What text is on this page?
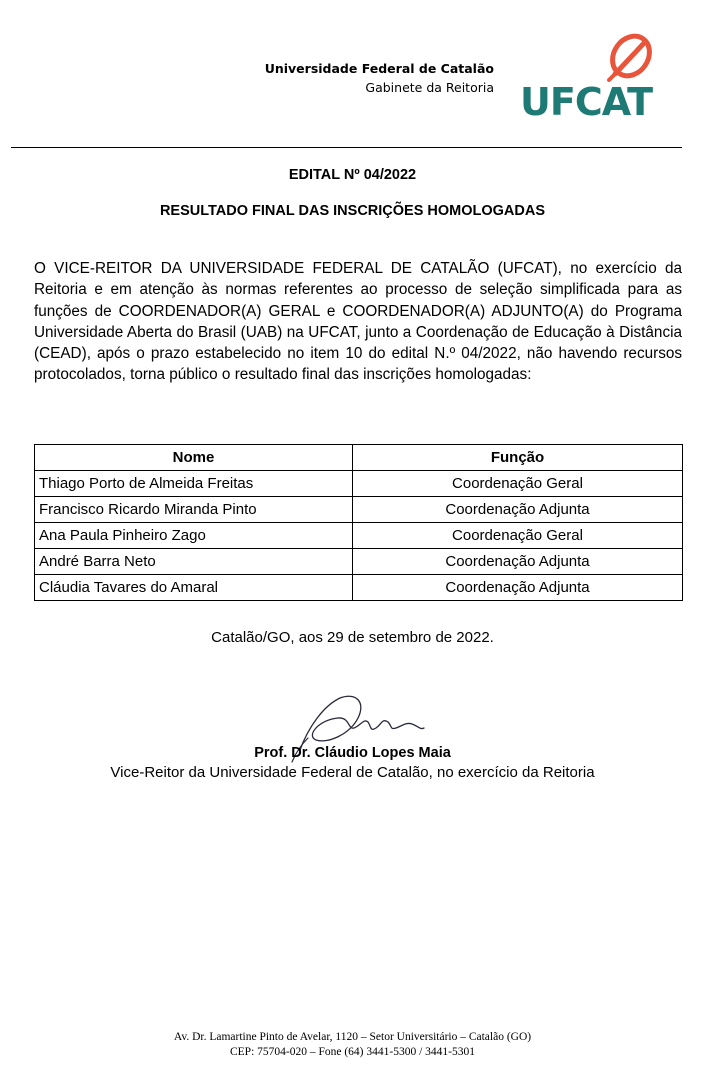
Universidade Federal de Catalão
Gabinete da Reitoria UFCAT
EDITAL Nº 04/2022
RESULTADO FINAL DAS INSCRIÇÕES HOMOLOGADAS

O VICE-REITOR DA UNIVERSIDADE FEDERAL DE CATALÃO (UFCAT), no exercício da Reitoria e em atenção às normas referentes ao processo de seleção simplificada para as funções de COORDENADOR(A) GERAL e COORDENADOR(A) ADJUNTO(A) do Programa Universidade Aberta do Brasil (UAB) na UFCAT, junto a Coordenação de Educação à Distância (CEAD), após o prazo estabelecido no item 10 do edital N.º 04/2022, não havendo recursos protocolados, torna público o resultado final das inscrições homologadas:

Nome	Função
Thiago Porto de Almeida Freitas	Coordenação Geral
Francisco Ricardo Miranda Pinto	Coordenação Adjunta
Ana Paula Pinheiro Zago	Coordenação Geral
André Barra Neto	Coordenação Adjunta
Cláudia Tavares do Amaral	Coordenação Adjunta
Catalão/GO, aos 29 de setembro de 2022.
Prof. Dr. Cláudio Lopes Maia
Vice-Reitor da Universidade Federal de Catalão, no exercício da Reitoria
Av. Dr. Lamartine Pinto de Avelar, 1120 – Setor Universitário – Catalão (GO)
CEP: 75704-020 – Fone (64) 3441-5300 / 3441-5301
